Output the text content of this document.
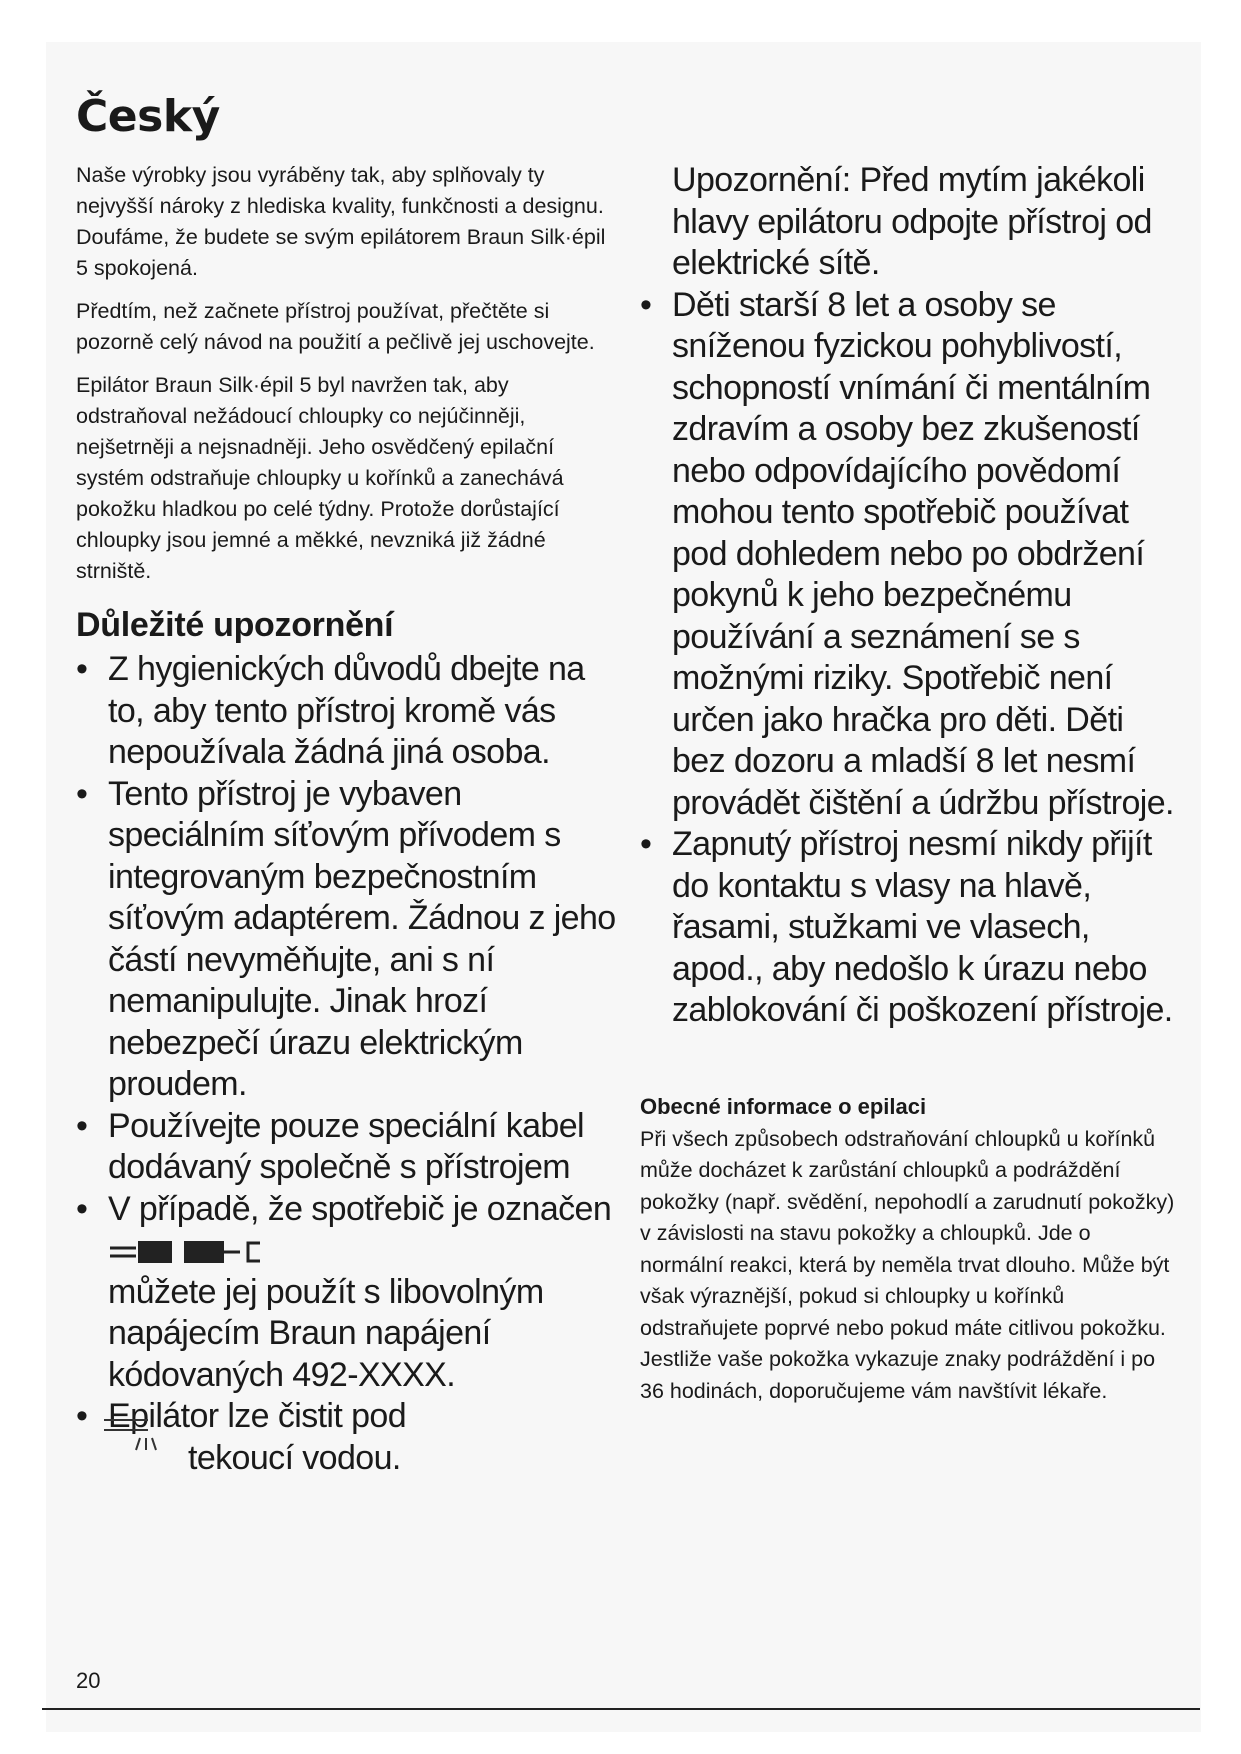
Český

Naše výrobky jsou vyráběny tak, aby splňovaly ty nejvyšší nároky z hlediska kvality, funkčnosti a designu. Doufáme, že budete se svým epilátorem Braun Silk·épil 5 spokojená.

Předtím, než začnete přístroj používat, přečtěte si pozorně celý návod na použití a pečlivě jej uschovejte.

Epilátor Braun Silk·épil 5 byl navržen tak, aby odstraňoval nežádoucí chloupky co nejúčinněji, nejšetrněji a nejsnadněji. Jeho osvědčený epilační systém odstraňuje chloupky u kořínků a zanechává pokožku hladkou po celé týdny. Protože dorůstající chloupky jsou jemné a měkké, nevzniká již žádné strniště.

Důležité upozornění
• Z hygienických důvodů dbejte na to, aby tento přístroj kromě vás nepoužívala žádná jiná osoba.
• Tento přístroj je vybaven speciálním síťovým přívodem s integrovaným bezpečnostním síťovým adaptérem. Žádnou z jeho částí nevyměňujte, ani s ní nemanipulujte. Jinak hrozí nebezpečí úrazu elektrickým proudem.
• Používejte pouze speciální kabel dodávaný společně s přístrojem
• V případě, že spotřebič je označen
můžete jej použít s libovolným napájecím Braun napájení kódovaných 492-XXXX.
• Epilátor lze čistit pod
tekoucí vodou.

Upozornění: Před mytím jakékoli hlavy epilátoru odpojte přístroj od elektrické sítě.

• Děti starší 8 let a osoby se sníženou fyzickou pohyblivostí, schopností vnímání či mentálním zdravím a osoby bez zkušeností nebo odpovídajícího povědomí mohou tento spotřebič používat pod dohledem nebo po obdržení pokynů k jeho bezpečnému používání a seznámení se s možnými riziky. Spotřebič není určen jako hračka pro děti. Děti bez dozoru a mladší 8 let nesmí provádět čištění a údržbu přístroje.
• Zapnutý přístroj nesmí nikdy přijít do kontaktu s vlasy na hlavě, řasami, stužkami ve vlasech, apod., aby nedošlo k úrazu nebo zablokování či poškození přístroje.
Obecné informace o epilaci

Při všech způsobech odstraňování chloupků u kořínků může docházet k zarůstání chloupků a podráždění pokožky (např. svědění, nepohodlí a zarudnutí pokožky) v závislosti na stavu pokožky a chloupků. Jde o normální reakci, která by neměla trvat dlouho. Může být však výraznější, pokud si chloupky u kořínků odstraňujete poprvé nebo pokud máte citlivou pokožku.

Jestliže vaše pokožka vykazuje znaky podráždění i po 36 hodinách, doporučujeme vám navštívit lékaře.

20
